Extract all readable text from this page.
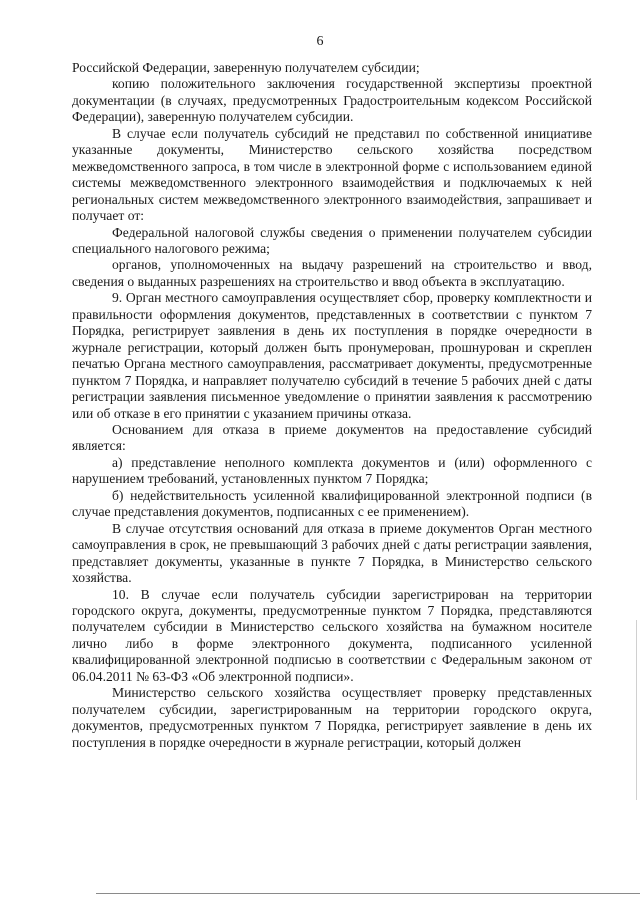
6

Российской Федерации, заверенную получателем субсидии;

копию положительного заключения государственной экспертизы проектной документации (в случаях, предусмотренных Градостроительным кодексом Российской Федерации), заверенную получателем субсидии.

В случае если получатель субсидий не представил по собственной инициативе указанные документы, Министерство сельского хозяйства посредством межведомственного запроса, в том числе в электронной форме с использованием единой системы межведомственного электронного взаимодействия и подключаемых к ней региональных систем межведомственного электронного взаимодействия, запрашивает и получает от:

Федеральной налоговой службы сведения о применении получателем субсидии специального налогового режима;

органов, уполномоченных на выдачу разрешений на строительство и ввод, сведения о выданных разрешениях на строительство и ввод объекта в эксплуатацию.

9. Орган местного самоуправления осуществляет сбор, проверку комплектности и правильности оформления документов, представленных в соответствии с пунктом 7 Порядка, регистрирует заявления в день их поступления в порядке очередности в журнале регистрации, который должен быть пронумерован, прошнурован и скреплен печатью Органа местного самоуправления, рассматривает документы, предусмотренные пунктом 7 Порядка, и направляет получателю субсидий в течение 5 рабочих дней с даты регистрации заявления письменное уведомление о принятии заявления к рассмотрению или об отказе в его принятии с указанием причины отказа.

Основанием для отказа в приеме документов на предоставление субсидий является:

а) представление неполного комплекта документов и (или) оформленного с нарушением требований, установленных пунктом 7 Порядка;

б) недействительность усиленной квалифицированной электронной подписи (в случае представления документов, подписанных с ее применением).

В случае отсутствия оснований для отказа в приеме документов Орган местного самоуправления в срок, не превышающий 3 рабочих дней с даты регистрации заявления, представляет документы, указанные в пункте 7 Порядка, в Министерство сельского хозяйства.

10. В случае если получатель субсидии зарегистрирован на территории городского округа, документы, предусмотренные пунктом 7 Порядка, представляются получателем субсидии в Министерство сельского хозяйства на бумажном носителе лично либо в форме электронного документа, подписанного усиленной квалифицированной электронной подписью в соответствии с Федеральным законом от 06.04.2011 № 63-ФЗ «Об электронной подписи».

Министерство сельского хозяйства осуществляет проверку представленных получателем субсидии, зарегистрированным на территории городского округа, документов, предусмотренных пунктом 7 Порядка, регистрирует заявление в день их поступления в порядке очередности в журнале регистрации, который должен
